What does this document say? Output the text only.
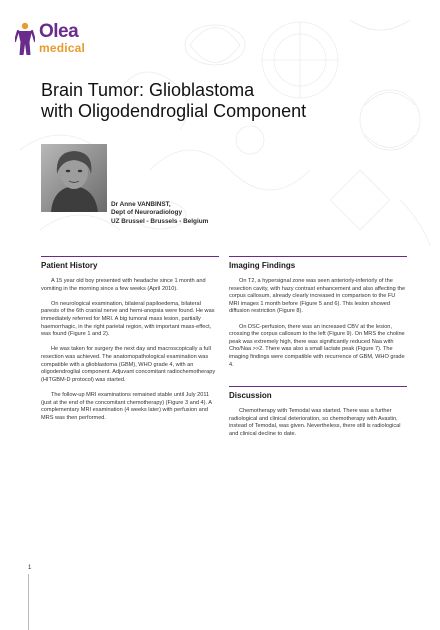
Olea
medical
Brain Tumor: Glioblastoma
with Oligodendroglial Component
Dr Anne VANBINST,
Dept of Neuroradiology
UZ Brussel - Brussels - Belgium
Patient History

A 15 year old boy presented with headache since 1 month and vomiting in the morning since a few weeks (April 2010).

On neurological examination, bilateral papiloedema, bilateral paresis of the 6th cranial nerve and hemi-anopsia were found. He was immediately referred for MRI. A big tumoral mass lesion, partially haemorrhagic, in the right parietal region, with important mass-effect, was found (Figure 1 and 2).

He was taken for surgery the next day and macroscopically a full resection was achieved. The anatomopathological examination was compatible with a glioblastoma (GBM), WHO grade 4, with an oligodendroglial component. Adjuvant concomitant radiochemotherapy (HITGBM-D protocol) was started.

The follow-up MRI examinations remained stable until July 2011 (just at the end of the concomitant chemotherapy) (Figure 3 and 4). A complementary MRI examination (4 weeks later) with perfusion and MRS was then performed.

Imaging Findings

On T2, a hypersignal zone was seen anteriorly-inferiorly of the resection cavity, with hazy contrast enhancement and also affecting the corpus callosum, already clearly increased in comparison to the FU MRI images 1 month before (Figure 5 and 6). This lesion showed diffusion restriction (Figure 8).

On DSC-perfusion, there was an increased CBV at the lesion, crossing the corpus callosum to the left (Figure 9). On MRS the choline peak was extremely high, there was significantly reduced Naa with Cho/Naa >>2. There was also a small lactate peak (Figure 7). The imaging findings were compatible with recurrence of GBM, WHO grade 4.

Discussion

Chemotherapy with Temodal was started. There was a further radiological and clinical deterioration, so chemotherapy with Avastin, instead of Temodal, was given. Nevertheless, there still is radiological and clinical decline to date.

1
